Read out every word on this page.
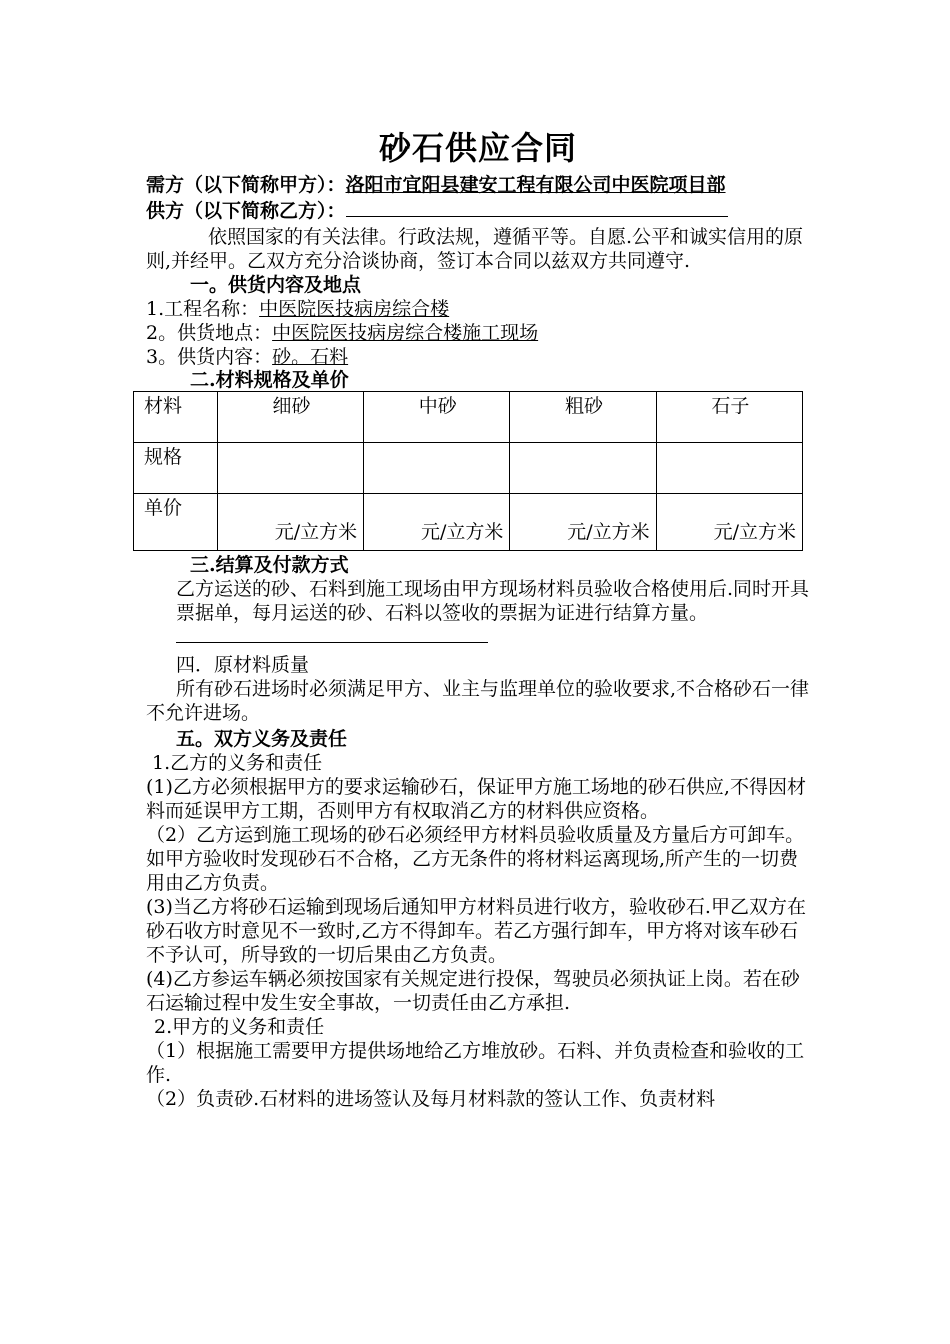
砂石供应合同

需方（以下简称甲方）：洛阳市宜阳县建安工程有限公司中医院项目部

供方（以下简称乙方）：

依照国家的有关法律。行政法规，遵循平等。自愿.公平和诚实信用的原则,并经甲。乙双方充分洽谈协商，签订本合同以兹双方共同遵守.

一。供货内容及地点

1.工程名称：中医院医技病房综合楼

2。供货地点：中医院医技病房综合楼施工现场

3。供货内容：砂。石料

二.材料规格及单价

材料	细砂	中砂	粗砂	石子
规格				
单价	元/立方米	元/立方米	元/立方米	元/立方米

三.结算及付款方式

乙方运送的砂、石料到施工现场由甲方现场材料员验收合格使用后.同时开具票据单，每月运送的砂、石料以签收的票据为证进行结算方量。

四．原材料质量

所有砂石进场时必须满足甲方、业主与监理单位的验收要求,不合格砂石一律不允许进场。

五。双方义务及责任

1.乙方的义务和责任

(1)乙方必须根据甲方的要求运输砂石，保证甲方施工场地的砂石供应,不得因材料而延误甲方工期，否则甲方有权取消乙方的材料供应资格。

（2）乙方运到施工现场的砂石必须经甲方材料员验收质量及方量后方可卸车。如甲方验收时发现砂石不合格，乙方无条件的将材料运离现场,所产生的一切费用由乙方负责。

(3)当乙方将砂石运输到现场后通知甲方材料员进行收方，验收砂石.甲乙双方在砂石收方时意见不一致时,乙方不得卸车。若乙方强行卸车，甲方将对该车砂石不予认可，所导致的一切后果由乙方负责。

(4)乙方参运车辆必须按国家有关规定进行投保，驾驶员必须执证上岗。若在砂石运输过程中发生安全事故，一切责任由乙方承担.

2.甲方的义务和责任

（1）根据施工需要甲方提供场地给乙方堆放砂。石料、并负责检查和验收的工作.

（2）负责砂.石材料的进场签认及每月材料款的签认工作、负责材料
